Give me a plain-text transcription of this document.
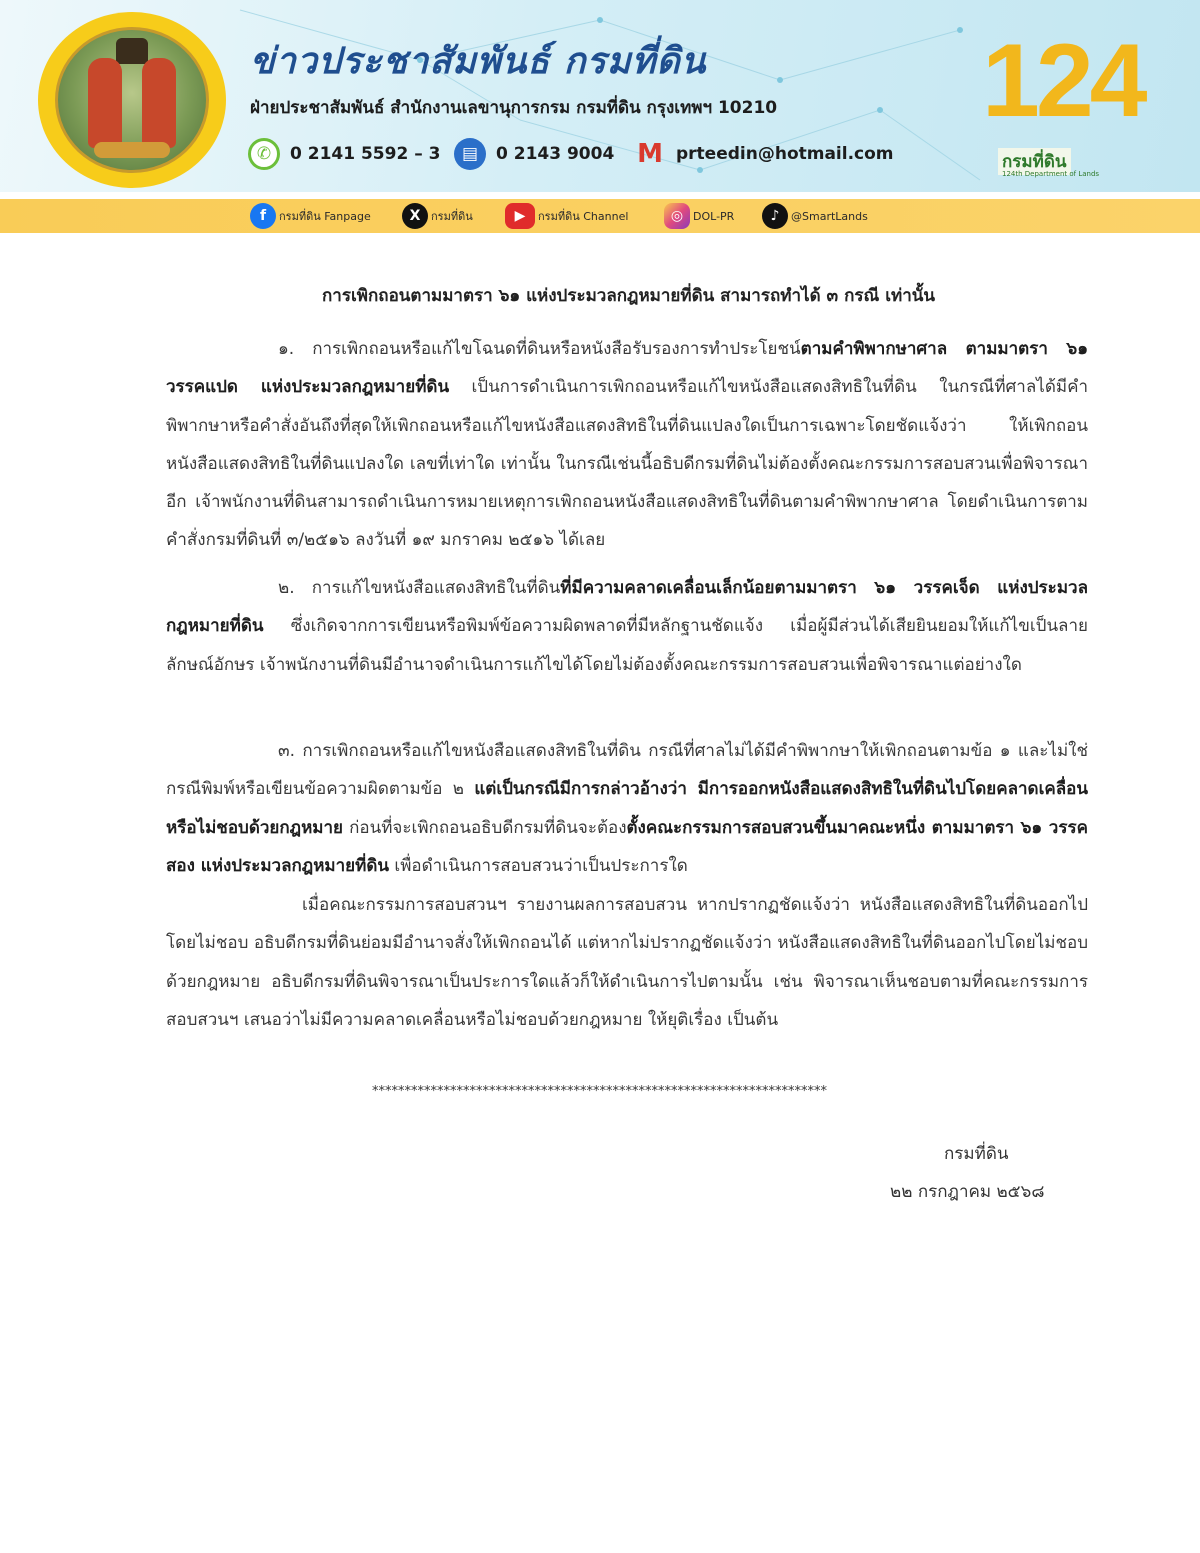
ข่าวประชาสัมพันธ์ กรมที่ดิน
ฝ่ายประชาสัมพันธ์ สำนักงานเลขานุการกรม กรมที่ดิน กรุงเทพฯ 10210
✆	0 2141 5592 – 3	▤	0 2143 9004 M prteedin@hotmail.com
124
กรมที่ดิน
124th Department of Lands
f	กรมที่ดิน Fanpage	X กรมที่ดิน	▶	กรมที่ดิน Channel	◎ DOL-PR	♪	@SmartLands
การเพิกถอนตามมาตรา ๖๑ แห่งประมวลกฎหมายที่ดิน สามารถทำได้ ๓ กรณี เท่านั้น

๑. การเพิกถอนหรือแก้ไขโฉนดที่ดินหรือหนังสือรับรองการทำประโยชน์ตามคำพิพากษาศาล ตามมาตรา ๖๑ วรรคแปด แห่งประมวลกฎหมายที่ดิน เป็นการดำเนินการเพิกถอนหรือแก้ไขหนังสือแสดงสิทธิในที่ดิน ในกรณีที่ศาลได้มีคำพิพากษาหรือคำสั่งอันถึงที่สุดให้เพิกถอนหรือแก้ไขหนังสือแสดงสิทธิในที่ดินแปลงใดเป็นการเฉพาะโดยชัดแจ้งว่า ให้เพิกถอนหนังสือแสดงสิทธิในที่ดินแปลงใด เลขที่เท่าใด เท่านั้น ในกรณีเช่นนี้อธิบดีกรมที่ดินไม่ต้องตั้งคณะกรรมการสอบสวนเพื่อพิจารณาอีก เจ้าพนักงานที่ดินสามารถดำเนินการหมายเหตุการเพิกถอนหนังสือแสดงสิทธิในที่ดินตามคำพิพากษาศาล โดยดำเนินการตามคำสั่งกรมที่ดินที่ ๓/๒๕๑๖ ลงวันที่ ๑๙ มกราคม ๒๕๑๖ ได้เลย

๒. การแก้ไขหนังสือแสดงสิทธิในที่ดินที่มีความคลาดเคลื่อนเล็กน้อยตามมาตรา ๖๑ วรรคเจ็ด แห่งประมวลกฎหมายที่ดิน ซึ่งเกิดจากการเขียนหรือพิมพ์ข้อความผิดพลาดที่มีหลักฐานชัดแจ้ง เมื่อผู้มีส่วนได้เสียยินยอมให้แก้ไขเป็นลายลักษณ์อักษร เจ้าพนักงานที่ดินมีอำนาจดำเนินการแก้ไขได้โดยไม่ต้องตั้งคณะกรรมการสอบสวนเพื่อพิจารณาแต่อย่างใด

๓. การเพิกถอนหรือแก้ไขหนังสือแสดงสิทธิในที่ดิน กรณีที่ศาลไม่ได้มีคำพิพากษาให้เพิกถอนตามข้อ ๑ และไม่ใช่กรณีพิมพ์หรือเขียนข้อความผิดตามข้อ ๒ แต่เป็นกรณีมีการกล่าวอ้างว่า มีการออกหนังสือแสดงสิทธิในที่ดินไปโดยคลาดเคลื่อนหรือไม่ชอบด้วยกฎหมาย ก่อนที่จะเพิกถอนอธิบดีกรมที่ดินจะต้องตั้งคณะกรรมการสอบสวนขึ้นมาคณะหนึ่ง ตามมาตรา ๖๑ วรรคสอง แห่งประมวลกฎหมายที่ดิน เพื่อดำเนินการสอบสวนว่าเป็นประการใด

เมื่อคณะกรรมการสอบสวนฯ รายงานผลการสอบสวน หากปรากฏชัดแจ้งว่า หนังสือแสดงสิทธิในที่ดินออกไปโดยไม่ชอบ อธิบดีกรมที่ดินย่อมมีอำนาจสั่งให้เพิกถอนได้ แต่หากไม่ปรากฏชัดแจ้งว่า หนังสือแสดงสิทธิในที่ดินออกไปโดยไม่ชอบด้วยกฎหมาย อธิบดีกรมที่ดินพิจารณาเป็นประการใดแล้วก็ให้ดำเนินการไปตามนั้น เช่น พิจารณาเห็นชอบตามที่คณะกรรมการสอบสวนฯ เสนอว่าไม่มีความคลาดเคลื่อนหรือไม่ชอบด้วยกฎหมาย ให้ยุติเรื่อง เป็นต้น

**********************************************************************
กรมที่ดิน
๒๒ กรกฎาคม ๒๕๖๘
